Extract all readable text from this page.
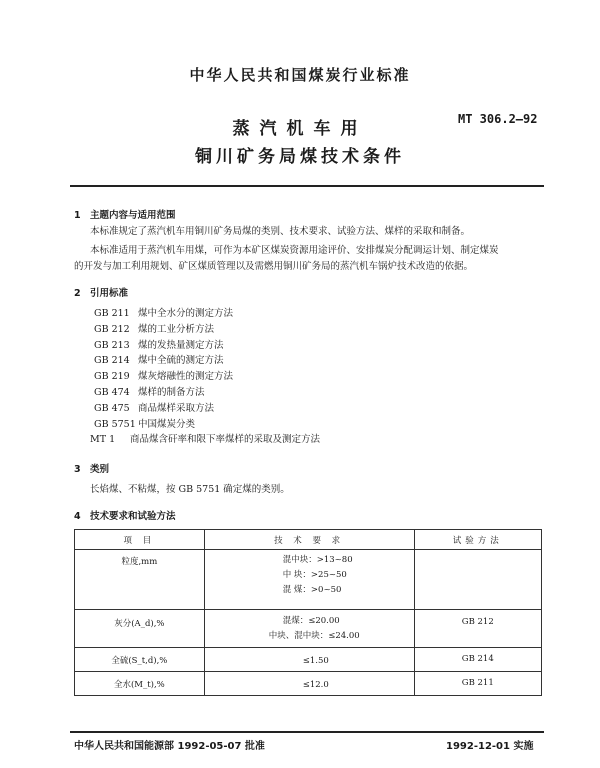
中华人民共和国煤炭行业标准
MT 306.2—92
蒸汽机车用
铜川矿务局煤技术条件
1 主题内容与适用范围
本标准规定了蒸汽机车用铜川矿务局煤的类别、技术要求、试验方法、煤样的采取和制备。
本标准适用于蒸汽机车用煤，可作为本矿区煤炭资源用途评价、安排煤炭分配调运计划、制定煤炭
的开发与加工利用规划、矿区煤质管理以及需燃用铜川矿务局的蒸汽机车锅炉技术改造的依据。
2 引用标准
GB 211 煤中全水分的测定方法
GB 212 煤的工业分析方法
GB 213 煤的发热量测定方法
GB 214 煤中全硫的测定方法
GB 219 煤灰熔融性的测定方法
GB 474 煤样的制备方法
GB 475 商品煤样采取方法
GB 5751 中国煤炭分类
MT 1 商品煤含矸率和限下率煤样的采取及测定方法
3 类别
长焰煤、不粘煤，按 GB 5751 确定煤的类别。
4 技术要求和试验方法
项 目	技 术 要 求	试验方法
粒度,mm	混中块：>13~80
中 块：>25~50
混 煤：>0~50	

灰分(A_d),%	混煤：≤20.00
中块、混中块：≤24.00	GB 212
全硫(S_t,d),%	≤1.50	GB 214
全水(M_t),%	≤12.0	GB 211
中华人民共和国能源部 1992-05-07 批准	1992-12-01 实施
